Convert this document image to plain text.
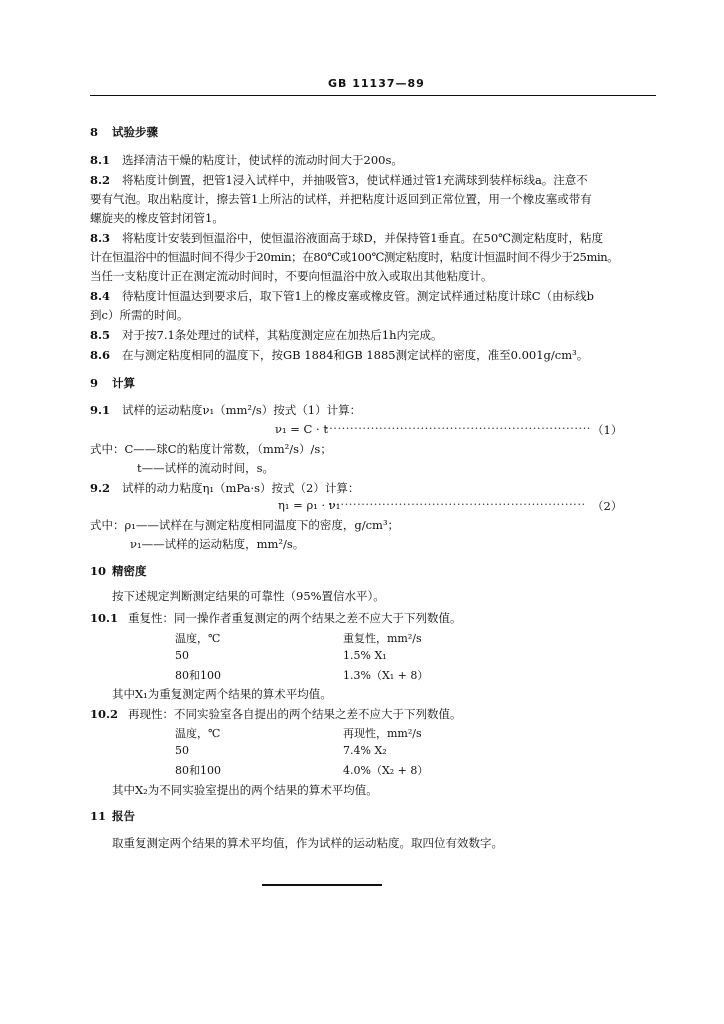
GB 11137—89
8 试验步骤
8.1 选择清洁干燥的粘度计，使试样的流动时间大于200s。
8.2 将粘度计倒置，把管1浸入试样中，并抽吸管3，使试样通过管1充满球到装样标线a。注意不
要有气泡。取出粘度计，擦去管1上所沾的试样，并把粘度计返回到正常位置，用一个橡皮塞或带有
螺旋夹的橡皮管封闭管1。
8.3 将粘度计安装到恒温浴中，使恒温浴液面高于球D，并保持管1垂直。在50℃测定粘度时，粘度
计在恒温浴中的恒温时间不得少于20min；在80℃或100℃测定粘度时，粘度计恒温时间不得少于25min。
当任一支粘度计正在测定流动时间时，不要向恒温浴中放入或取出其他粘度计。
8.4 待粘度计恒温达到要求后，取下管1上的橡皮塞或橡皮管。测定试样通过粘度计球C（由标线b
到c）所需的时间。
8.5 对于按7.1条处理过的试样，其粘度测定应在加热后1h内完成。
8.6 在与测定粘度相同的温度下，按GB 1884和GB 1885测定试样的密度，准至0.001g/cm³。
9 计算
9.1 试样的运动粘度ν₁（mm²/s）按式（1）计算：
ν₁ = C · t
································································ （1）
式中：C——球C的粘度计常数，（mm²/s）/s；
t——试样的流动时间，s。
9.2 试样的动力粘度η₁（mPa·s）按式（2）计算：
η₁ = ρ₁ · ν₁
······························································ （2）
式中：ρ₁——试样在与测定粘度相同温度下的密度，g/cm³；
ν₁——试样的运动粘度，mm²/s。
10 精密度
按下述规定判断测定结果的可靠性（95%置信水平）。
10.1 重复性：同一操作者重复测定的两个结果之差不应大于下列数值。
温度，℃	重复性，mm²/s
50	1.5% X₁
80和100	1.3%（X₁ + 8）
其中X₁为重复测定两个结果的算术平均值。
10.2 再现性：不同实验室各自提出的两个结果之差不应大于下列数值。
温度，℃	再现性，mm²/s
50	7.4% X₂
80和100	4.0%（X₂ + 8）
其中X₂为不同实验室提出的两个结果的算术平均值。
11 报告
取重复测定两个结果的算术平均值，作为试样的运动粘度。取四位有效数字。
